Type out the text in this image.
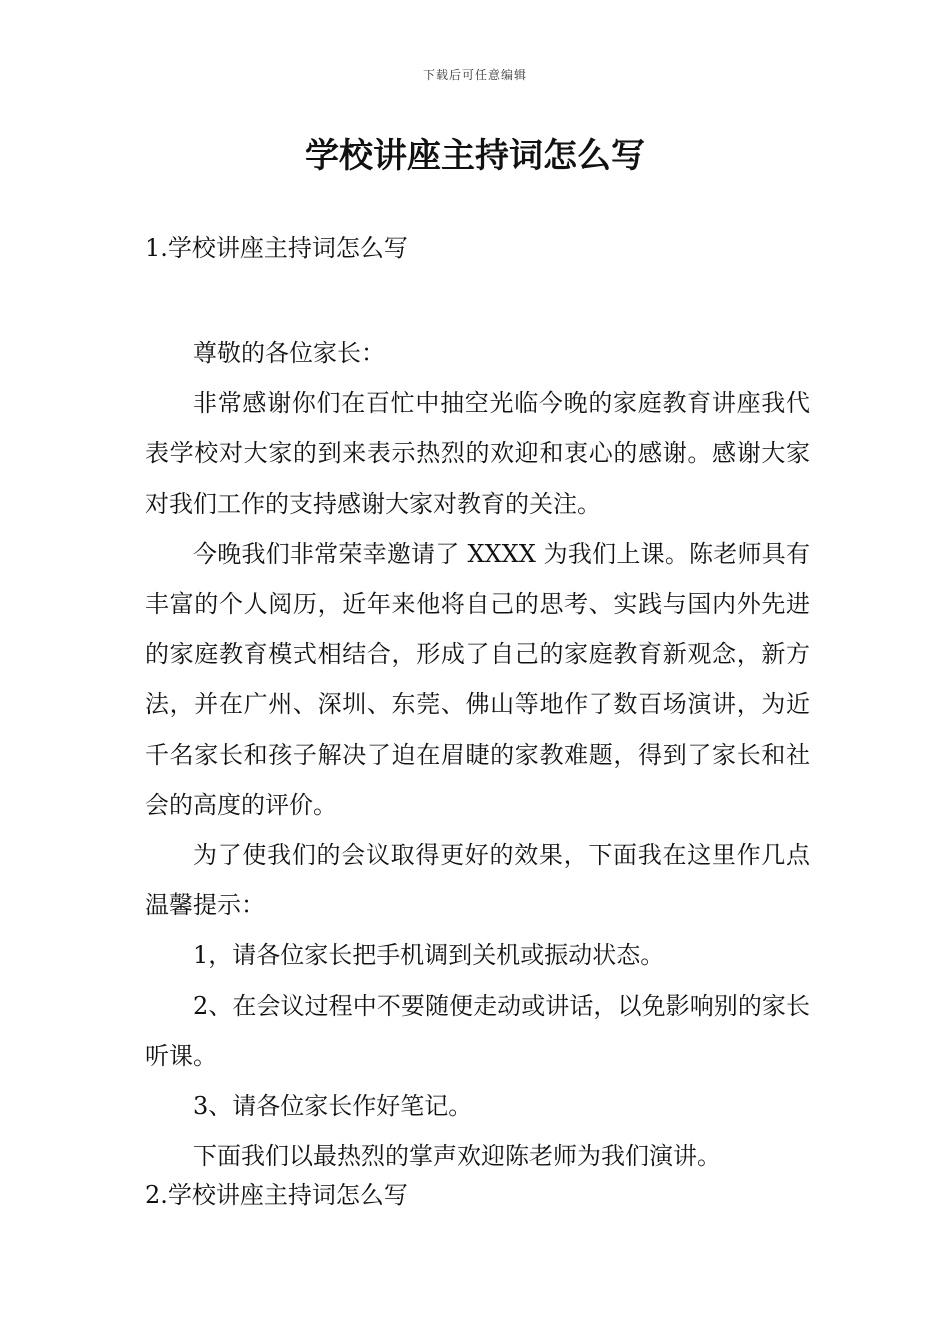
下载后可任意编辑
学校讲座主持词怎么写
1.学校讲座主持词怎么写

尊敬的各位家长：

非常感谢你们在百忙中抽空光临今晚的家庭教育讲座我代表学校对大家的到来表示热烈的欢迎和衷心的感谢。感谢大家对我们工作的支持感谢大家对教育的关注。

今晚我们非常荣幸邀请了 XXXX 为我们上课。陈老师具有丰富的个人阅历，近年来他将自己的思考、实践与国内外先进的家庭教育模式相结合，形成了自己的家庭教育新观念，新方法，并在广州、深圳、东莞、佛山等地作了数百场演讲，为近千名家长和孩子解决了迫在眉睫的家教难题，得到了家长和社会的高度的评价。

为了使我们的会议取得更好的效果，下面我在这里作几点温馨提示：

1，请各位家长把手机调到关机或振动状态。

2、在会议过程中不要随便走动或讲话，以免影响别的家长听课。

3、请各位家长作好笔记。

下面我们以最热烈的掌声欢迎陈老师为我们演讲。

2.学校讲座主持词怎么写
